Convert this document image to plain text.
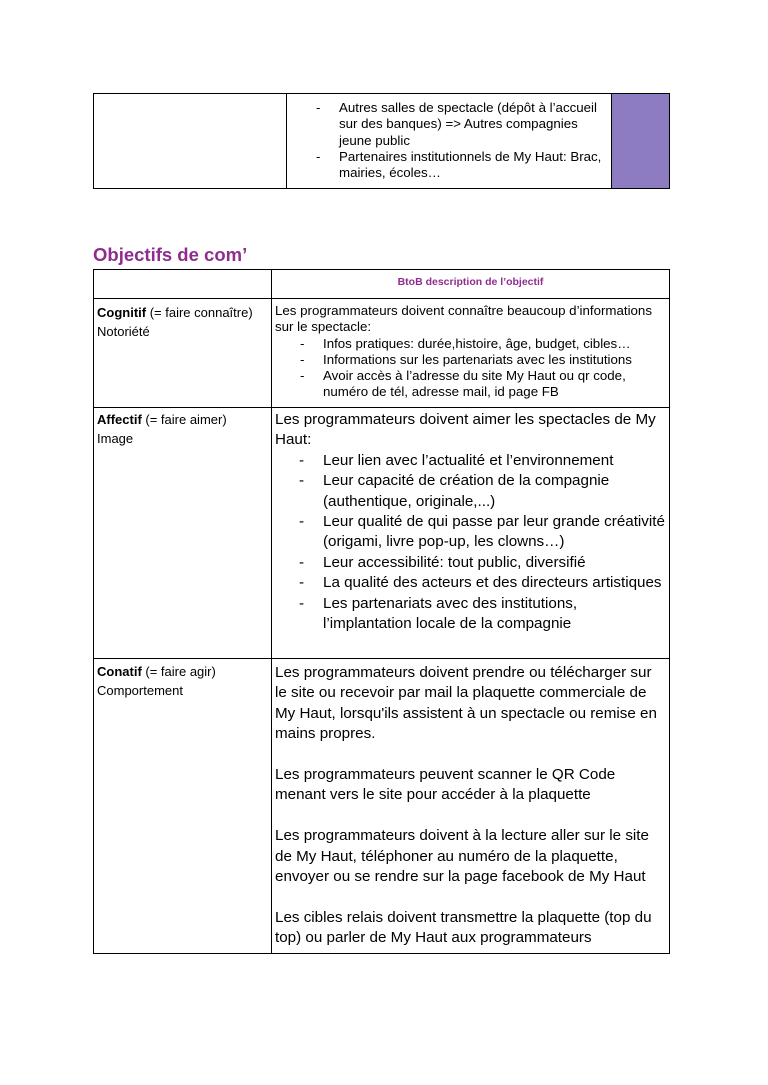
- Autres salles de spectacle (dépôt à l’accueil sur des banques) => Autres compagnies jeune public
- Partenaires institutionnels de My Haut: Brac, mairies, écoles…
Objectifs de com’
BtoB description de l’objectif
Cognitif (= faire connaître)
Notoriété
Les programmateurs doivent connaître beaucoup d’informations sur le spectacle:
- Infos pratiques: durée,histoire, âge, budget, cibles…
- Informations sur les partenariats avec les institutions
- Avoir accès à l’adresse du site My Haut ou qr code, numéro de tél, adresse mail, id page FB
Affectif (= faire aimer)
Image
Les programmateurs doivent aimer les spectacles de My Haut:
- Leur lien avec l’actualité et l’environnement
- Leur capacité de création de la compagnie (authentique, originale,...)
- Leur qualité de qui passe par leur grande créativité (origami, livre pop-up, les clowns…)
- Leur accessibilité: tout public, diversifié
- La qualité des acteurs et des directeurs artistiques
- Les partenariats avec des institutions, l’implantation locale de la compagnie
Conatif (= faire agir)
Comportement

Les programmateurs doivent prendre ou télécharger sur le site ou recevoir par mail la plaquette commerciale de My Haut, lorsqu'ils assistent à un spectacle ou remise en mains propres.

Les programmateurs peuvent scanner le QR Code menant vers le site pour accéder à la plaquette

Les programmateurs doivent à la lecture aller sur le site de My Haut, téléphoner au numéro de la plaquette, envoyer ou se rendre sur la page facebook de My Haut

Les cibles relais doivent transmettre la plaquette (top du top) ou parler de My Haut aux programmateurs
